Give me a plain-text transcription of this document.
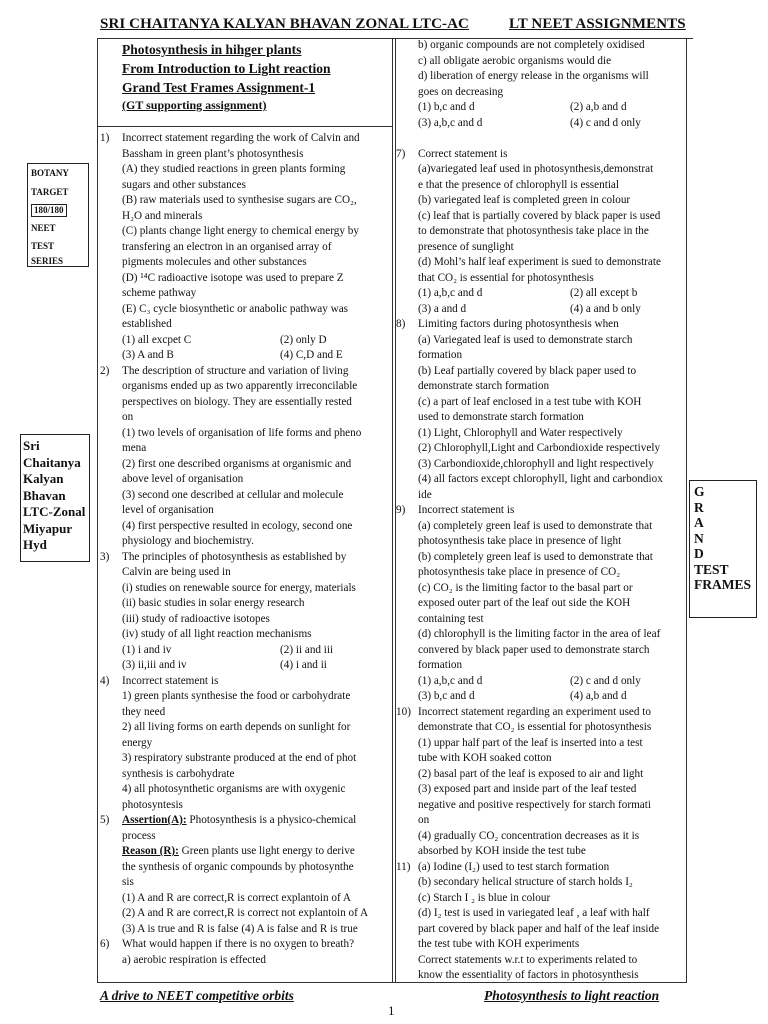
SRI CHAITANYA KALYAN BHAVAN ZONAL LTC-AC	LT NEET ASSIGNMENTS
Photosynthesis in hihger plants
From Introduction to Light reaction
Grand Test Frames Assignment-1
(GT supporting assignment)
BOTANY
TARGET
180/180
NEET
TEST SERIES
Sri
Chaitanya
Kalyan
Bhavan
LTC-Zonal
Miyapur
Hyd
G
R
A
N
D
TEST
FRAMES
1) Incorrect statement regarding the work of Calvin and
Bassham in green plant’s photosynthesis
(A) they studied reactions in green plants forming
sugars and other substances
(B) raw materials used to synthesise sugars are CO₂,
H₂O and minerals
(C) plants change light energy to chemical energy by
transfering an electron in an organised array of
pigments molecules and other substances
(D) ¹⁴C radioactive isotope was used to prepare Z
scheme pathway
(E) C₃ cycle biosynthetic or anabolic pathway was
established
(1) all excpet C	(2) only D
(3) A and B	(4) C,D and E
2) The description of structure and variation of living
organisms ended up as two apparently irreconcilable
perspectives on biology. They are essentially rested
on
(1) two levels of organisation of life forms and pheno
mena
(2) first one described organisms at organismic and
above level of organisation
(3) second one described at cellular and molecule
level of organisation
(4) first perspective resulted in ecology, second one
physiology and biochemistry.
3) The principles of photosynthesis as established by
Calvin are being used in
(i) studies on renewable source for energy, materials
(ii) basic studies in solar energy research
(iii) study of radioactive isotopes
(iv) study of all light reaction mechanisms
(1) i and iv	(2) ii and iii
(3) ii,iii and iv	(4) i and ii
4) Incorrect statement is
1) green plants synthesise the food or carbohydrate
they need
2) all living forms on earth depends on sunlight for
energy
3) respiratory substrante produced at the end of phot
synthesis is carbohydrate
4) all photosynthetic organisms are with oxygenic
photosyntesis
5) Assertion(A): Photosynthesis is a physico-chemical
process
Reason (R): Green plants use light energy to derive
the synthesis of organic compounds by photosynthe
sis
(1) A and R are correct,R is correct explantoin of A
(2) A and R are correct,R is correct not explantoin of A
(3) A is true and R is false (4) A is false and R is true
6) What would happen if there is no oxygen to breath?
a) aerobic respiration is effected
b) organic compounds are not completely oxidised
c) all obligate aerobic organisms would die
d) liberation of energy release in the organisms will
goes on decreasing
(1) b,c and d	(2) a,b and d
(3) a,b,c and d	(4) c and d only
7) Correct statement is
(a)variegated leaf used in photosynthesis,demonstrat
e that the presence of chlorophyll is essential
(b) variegated leaf is completed green in colour
(c) leaf that is partially covered by black paper is used
to demonstrate that photosynthesis take place in the
presence of sunglight
(d) Mohl’s half leaf experiment is sued to demonstrate
that CO₂ is essential for photosynthesis
(1) a,b,c and d	(2) all except b
(3) a and d	(4) a and b only
8) Limiting factors during photosynthesis when
(a) Variegated leaf is used to demonstrate starch
formation
(b) Leaf partially covered by black paper used to
demonstrate starch formation
(c) a part of leaf enclosed in a test tube with KOH
used to demonstrate starch formation
(1) Light, Chlorophyll and Water respectively
(2) Chlorophyll,Light and Carbondioxide respectively
(3) Carbondioxide,chlorophyll and light respectively
(4) all factors except chlorophyll, light and carbondiox
ide
9) Incorrect statement is
(a) completely green leaf is used to demonstrate that
photosynthesis take place in presence of light
(b) completely green leaf is used to demonstrate that
photosynthesis take place in presence of CO₂
(c) CO₂ is the limiting factor to the basal part or
exposed outer part of the leaf out side the KOH
containing test
(d) chlorophyll is the limiting factor in the area of leaf
convered by black paper used to demonstrate starch
formation
(1) a,b,c and d	(2) c and d only
(3) b,c and d	(4) a,b and d
10) Incorrect statement regarding an experiment used to
demonstrate that CO₂ is essential for photosynthesis
(1) uppar half part of the leaf is inserted into a test
tube with KOH soaked cotton
(2) basal part of the leaf is exposed to air and light
(3) exposed part and inside part of the leaf tested
negative and positive respectively for starch formati
on
(4) gradually CO₂ concentration decreases as it is
absorbed by KOH inside the test tube
11) (a) Iodine (I₂) used to test starch formation
(b) secondary helical structure of starch holds I₂
(c) Starch I ₂ is blue in colour
(d) I₂ test is used in variegated leaf , a leaf with half
part covered by black paper and half of the leaf inside
the test tube with KOH experiments
Correct statements w.r.t to experiments related to
know the essentiality of factors in photosynthesis
A drive to NEET competitive orbits	Photosynthesis to light reaction
1
